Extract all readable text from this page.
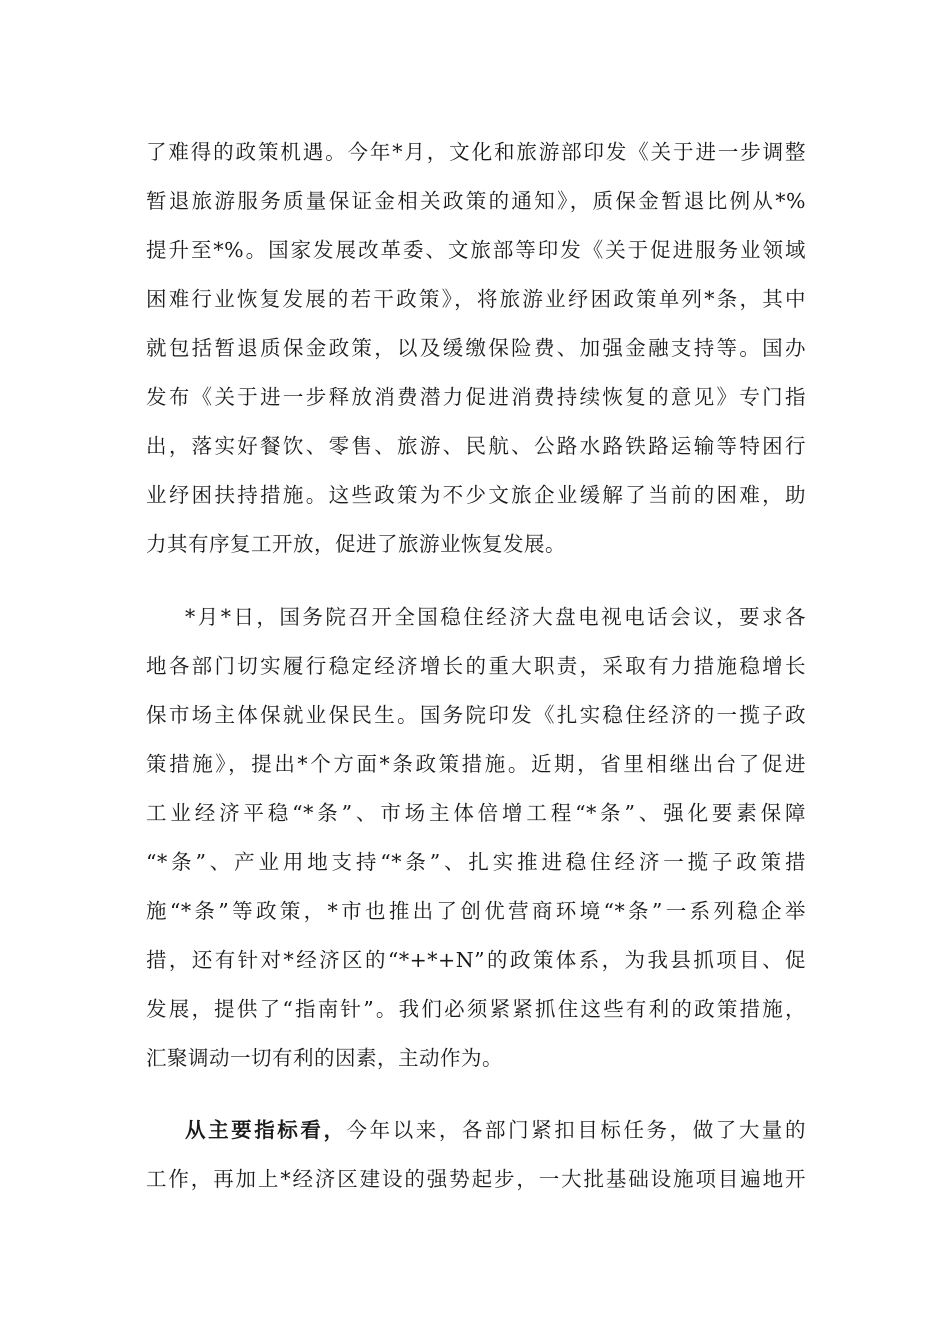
了难得的政策机遇。今年*月，文化和旅游部印发《关于进一步调整
暂退旅游服务质量保证金相关政策的通知》，质保金暂退比例从*%
提升至*%。国家发展改革委、文旅部等印发《关于促进服务业领域
困难行业恢复发展的若干政策》，将旅游业纾困政策单列*条，其中
就包括暂退质保金政策，以及缓缴保险费、加强金融支持等。国办
发布《关于进一步释放消费潜力促进消费持续恢复的意见》专门指
出，落实好餐饮、零售、旅游、民航、公路水路铁路运输等特困行
业纾困扶持措施。这些政策为不少文旅企业缓解了当前的困难，助
力其有序复工开放，促进了旅游业恢复发展。
*月*日，国务院召开全国稳住经济大盘电视电话会议，要求各
地各部门切实履行稳定经济增长的重大职责，采取有力措施稳增长
保市场主体保就业保民生。国务院印发《扎实稳住经济的一揽子政
策措施》，提出*个方面*条政策措施。近期，省里相继出台了促进
工业经济平稳“*条”、市场主体倍增工程“*条”、强化要素保障
“*条”、产业用地支持“*条”、扎实推进稳住经济一揽子政策措
施“*条”等政策，*市也推出了创优营商环境“*条”一系列稳企举
措，还有针对*经济区的“*+*+N”的政策体系，为我县抓项目、促
发展，提供了“指南针”。我们必须紧紧抓住这些有利的政策措施，
汇聚调动一切有利的因素，主动作为。
从主要指标看，今年以来，各部门紧扣目标任务，做了大量的
工作，再加上*经济区建设的强势起步，一大批基础设施项目遍地开
